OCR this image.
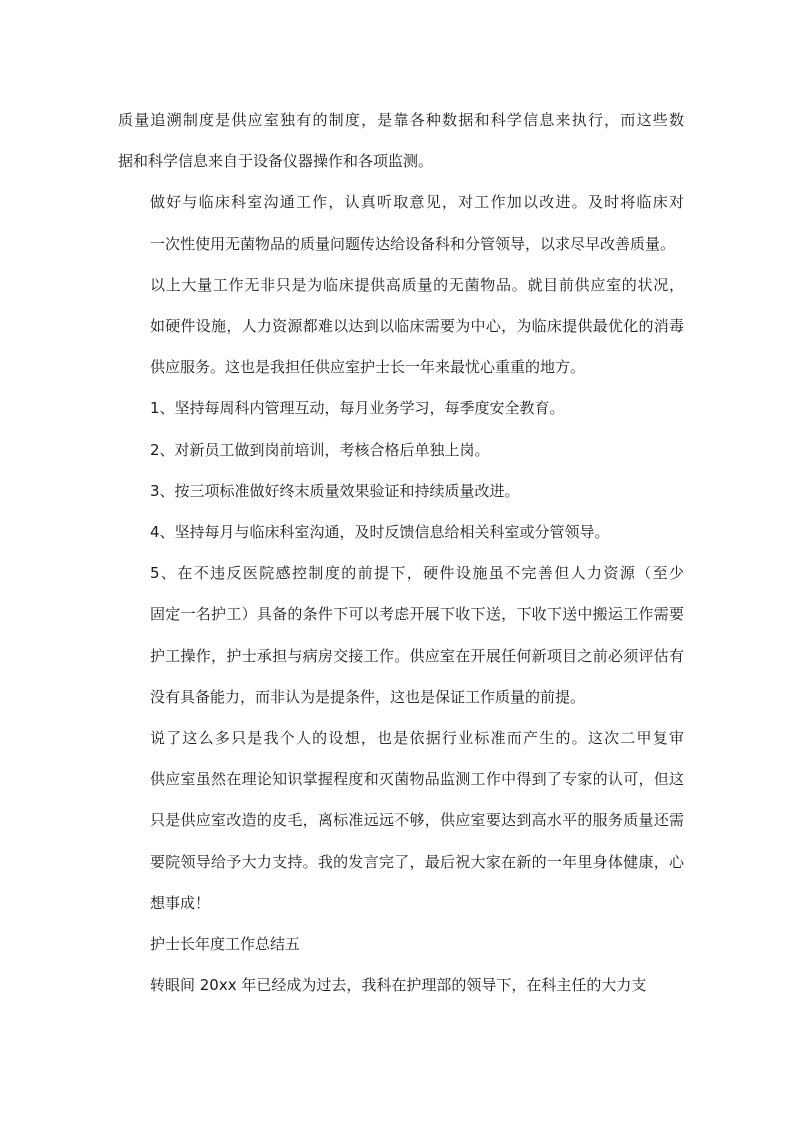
质量追溯制度是供应室独有的制度，是靠各种数据和科学信息来执行，而这些数
据和科学信息来自于设备仪器操作和各项监测。

做好与临床科室沟通工作，认真听取意见，对工作加以改进。及时将临床对
一次性使用无菌物品的质量问题传达给设备科和分管领导，以求尽早改善质量。

以上大量工作无非只是为临床提供高质量的无菌物品。就目前供应室的状况，
如硬件设施，人力资源都难以达到以临床需要为中心，为临床提供最优化的消毒
供应服务。这也是我担任供应室护士长一年来最忧心重重的地方。

1、坚持每周科内管理互动，每月业务学习，每季度安全教育。

2、对新员工做到岗前培训，考核合格后单独上岗。

3、按三项标准做好终末质量效果验证和持续质量改进。

4、坚持每月与临床科室沟通，及时反馈信息给相关科室或分管领导。

5、在不违反医院感控制度的前提下，硬件设施虽不完善但人力资源（至少
固定一名护工）具备的条件下可以考虑开展下收下送，下收下送中搬运工作需要
护工操作，护士承担与病房交接工作。供应室在开展任何新项目之前必须评估有
没有具备能力，而非认为是提条件，这也是保证工作质量的前提。

说了这么多只是我个人的设想，也是依据行业标准而产生的。这次二甲复审
供应室虽然在理论知识掌握程度和灭菌物品监测工作中得到了专家的认可，但这
只是供应室改造的皮毛，离标准远远不够，供应室要达到高水平的服务质量还需
要院领导给予大力支持。我的发言完了，最后祝大家在新的一年里身体健康，心
想事成！

护士长年度工作总结五

转眼间 20xx 年已经成为过去，我科在护理部的领导下，在科主任的大力支
